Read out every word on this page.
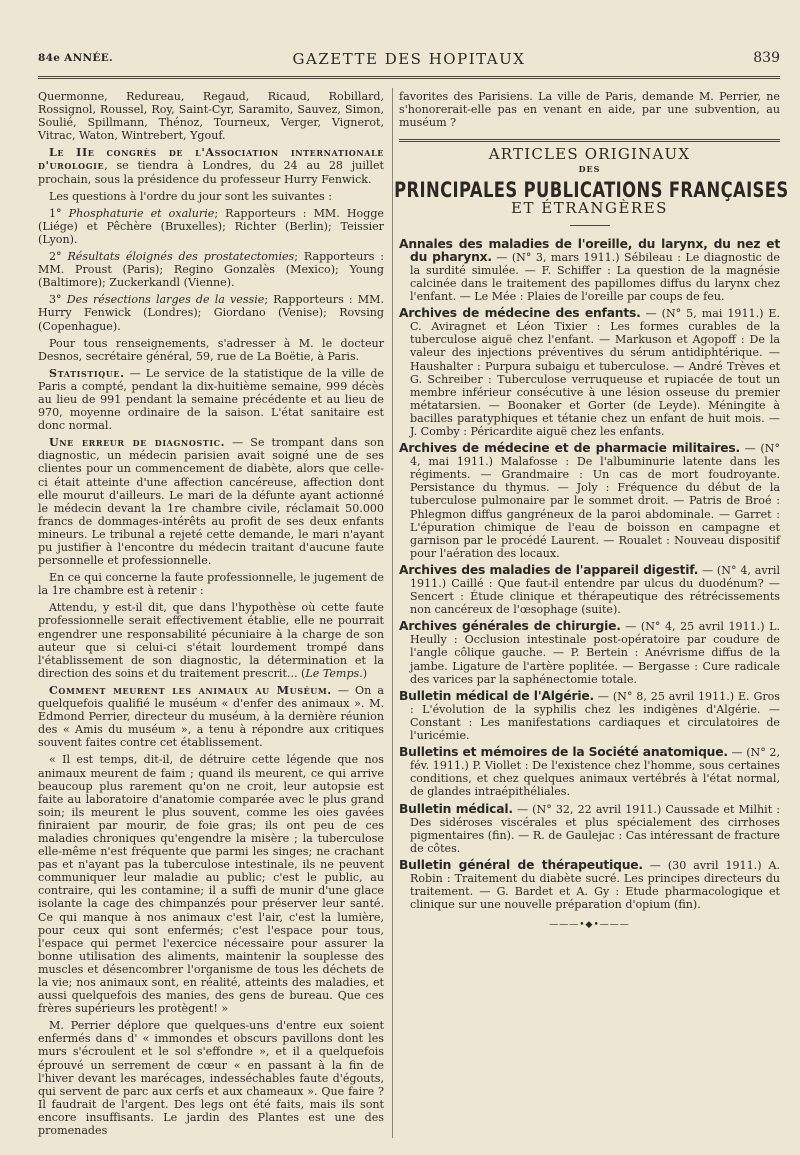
84e ANNÉE.	GAZETTE DES HOPITAUX	839

Quermonne, Redureau, Regaud, Ricaud, Robillard, Rossignol, Roussel, Roy, Saint-Cyr, Saramito, Sauvez, Simon, Soulié, Spillmann, Thénoz, Tourneux, Verger, Vignerot, Vitrac, Waton, Wintrebert, Ygouf.

Le IIe congrès de l'Association internationale d'urologie, se tiendra à Londres, du 24 au 28 juillet prochain, sous la présidence du professeur Hurry Fenwick.

Les questions à l'ordre du jour sont les suivantes :

1° Phosphaturie et oxalurie; Rapporteurs : MM. Hogge (Liége) et Pêchère (Bruxelles); Richter (Berlin); Teissier (Lyon).

2° Résultats éloignés des prostatectomies; Rapporteurs : MM. Proust (Paris); Regino Gonzalès (Mexico); Young (Baltimore); Zuckerkandl (Vienne).

3° Des résections larges de la vessie; Rapporteurs : MM. Hurry Fenwick (Londres); Giordano (Venise); Rovsing (Copenhague).

Pour tous renseignements, s'adresser à M. le docteur Desnos, secrétaire général, 59, rue de La Boëtie, à Paris.

Statistique. — Le service de la statistique de la ville de Paris a compté, pendant la dix-huitième semaine, 999 décès au lieu de 991 pendant la semaine précédente et au lieu de 970, moyenne ordinaire de la saison. L'état sanitaire est donc normal.

Une erreur de diagnostic. — Se trompant dans son diagnostic, un médecin parisien avait soigné une de ses clientes pour un commencement de diabète, alors que celle-ci était atteinte d'une affection cancéreuse, affection dont elle mourut d'ailleurs. Le mari de la défunte ayant actionné le médecin devant la 1re chambre civile, réclamait 50.000 francs de dommages-intérêts au profit de ses deux enfants mineurs. Le tribunal a rejeté cette demande, le mari n'ayant pu justifier à l'encontre du médecin traitant d'aucune faute personnelle et professionnelle.

En ce qui concerne la faute professionnelle, le jugement de la 1re chambre est à retenir :

Attendu, y est-il dit, que dans l'hypothèse où cette faute professionnelle serait effectivement établie, elle ne pourrait engendrer une responsabilité pécuniaire à la charge de son auteur que si celui-ci s'était lourdement trompé dans l'établissement de son diagnostic, la détermination et la direction des soins et du traitement prescrit... (Le Temps.)

Comment meurent les animaux au Muséum. — On a quelquefois qualifié le muséum « d'enfer des animaux ». M. Edmond Perrier, directeur du muséum, à la dernière réunion des « Amis du muséum », a tenu à répondre aux critiques souvent faites contre cet établissement.

« Il est temps, dit-il, de détruire cette légende que nos animaux meurent de faim ; quand ils meurent, ce qui arrive beaucoup plus rarement qu'on ne croit, leur autopsie est faite au laboratoire d'anatomie comparée avec le plus grand soin; ils meurent le plus souvent, comme les oies gavées finiraient par mourir, de foie gras; ils ont peu de ces maladies chroniques qu'engendre la misère ; la tuberculose elle-même n'est fréquente que parmi les singes; ne crachant pas et n'ayant pas la tuberculose intestinale, ils ne peuvent communiquer leur maladie au public; c'est le public, au contraire, qui les contamine; il a suffi de munir d'une glace isolante la cage des chimpanzés pour préserver leur santé. Ce qui manque à nos animaux c'est l'air, c'est la lumière, pour ceux qui sont enfermés; c'est l'espace pour tous, l'espace qui permet l'exercice nécessaire pour assurer la bonne utilisation des aliments, maintenir la souplesse des muscles et désencombrer l'organisme de tous les déchets de la vie; nos animaux sont, en réalité, atteints des maladies, et aussi quelquefois des manies, des gens de bureau. Que ces frères supérieurs les protègent! »

M. Perrier déplore que quelques-uns d'entre eux soient enfermés dans d' « immondes et obscurs pavillons dont les murs s'écroulent et le sol s'effondre », et il a quelquefois éprouvé un serrement de cœur « en passant à la fin de l'hiver devant les marécages, indesséchables faute d'égouts, qui servent de parc aux cerfs et aux chameaux ». Que faire ? Il faudrait de l'argent. Des legs ont été faits, mais ils sont encore insuffisants. Le jardin des Plantes est une des promenades

favorites des Parisiens. La ville de Paris, demande M. Perrier, ne s'honorerait-elle pas en venant en aide, par une subvention, au muséum ?

ARTICLES ORIGINAUX
DES
PRINCIPALES PUBLICATIONS FRANÇAISES
ET ÉTRANGÈRES

Annales des maladies de l'oreille, du larynx, du nez et du pharynx. — (N° 3, mars 1911.) Sébileau : Le diagnostic de la surdité simulée. — F. Schiffer : La question de la magnésie calcinée dans le traitement des papillomes diffus du larynx chez l'enfant. — Le Mée : Plaies de l'oreille par coups de feu.

Archives de médecine des enfants. — (N° 5, mai 1911.) E. C. Aviragnet et Léon Tixier : Les formes curables de la tuberculose aiguë chez l'enfant. — Markuson et Agopoff : De la valeur des injections préventives du sérum antidiphtérique. — Haushalter : Purpura subaigu et tuberculose. — André Trèves et G. Schreiber : Tuberculose verruqueuse et rupiacée de tout un membre inférieur consécutive à une lésion osseuse du premier métatarsien. — Boonaker et Gorter (de Leyde). Méningite à bacilles paratyphiques et tétanie chez un enfant de huit mois. — J. Comby : Péricardite aiguë chez les enfants.

Archives de médecine et de pharmacie militaires. — (N° 4, mai 1911.) Malafosse : De l'albuminurie latente dans les régiments. — Grandmaire : Un cas de mort foudroyante. Persistance du thymus. — Joly : Fréquence du début de la tuberculose pulmonaire par le sommet droit. — Patris de Broé : Phlegmon diffus gangréneux de la paroi abdominale. — Garret : L'épuration chimique de l'eau de boisson en campagne et garnison par le procédé Laurent. — Roualet : Nouveau dispositif pour l'aération des locaux.

Archives des maladies de l'appareil digestif. — (N° 4, avril 1911.) Caillé : Que faut-il entendre par ulcus du duodénum? — Sencert : Étude clinique et thérapeutique des rétrécissements non cancéreux de l'œsophage (suite).

Archives générales de chirurgie. — (N° 4, 25 avril 1911.) L. Heully : Occlusion intestinale post-opératoire par coudure de l'angle côlique gauche. — P. Bertein : Anévrisme diffus de la jambe. Ligature de l'artère poplitée. — Bergasse : Cure radicale des varices par la saphénectomie totale.

Bulletin médical de l'Algérie. — (N° 8, 25 avril 1911.) E. Gros : L'évolution de la syphilis chez les indigènes d'Algérie. — Constant : Les manifestations cardiaques et circulatoires de l'uricémie.

Bulletins et mémoires de la Société anatomique. — (N° 2, fév. 1911.) P. Viollet : De l'existence chez l'homme, sous certaines conditions, et chez quelques animaux vertébrés à l'état normal, de glandes intraépithéliales.

Bulletin médical. — (N° 32, 22 avril 1911.) Caussade et Milhit : Des sidéroses viscérales et plus spécialement des cirrhoses pigmentaires (fin). — R. de Gaulejac : Cas intéressant de fracture de côtes.

Bulletin général de thérapeutique. — (30 avril 1911.) A. Robin : Traitement du diabète sucré. Les principes directeurs du traitement. — G. Bardet et A. Gy : Etude pharmacologique et clinique sur une nouvelle préparation d'opium (fin).

———•◆•———
